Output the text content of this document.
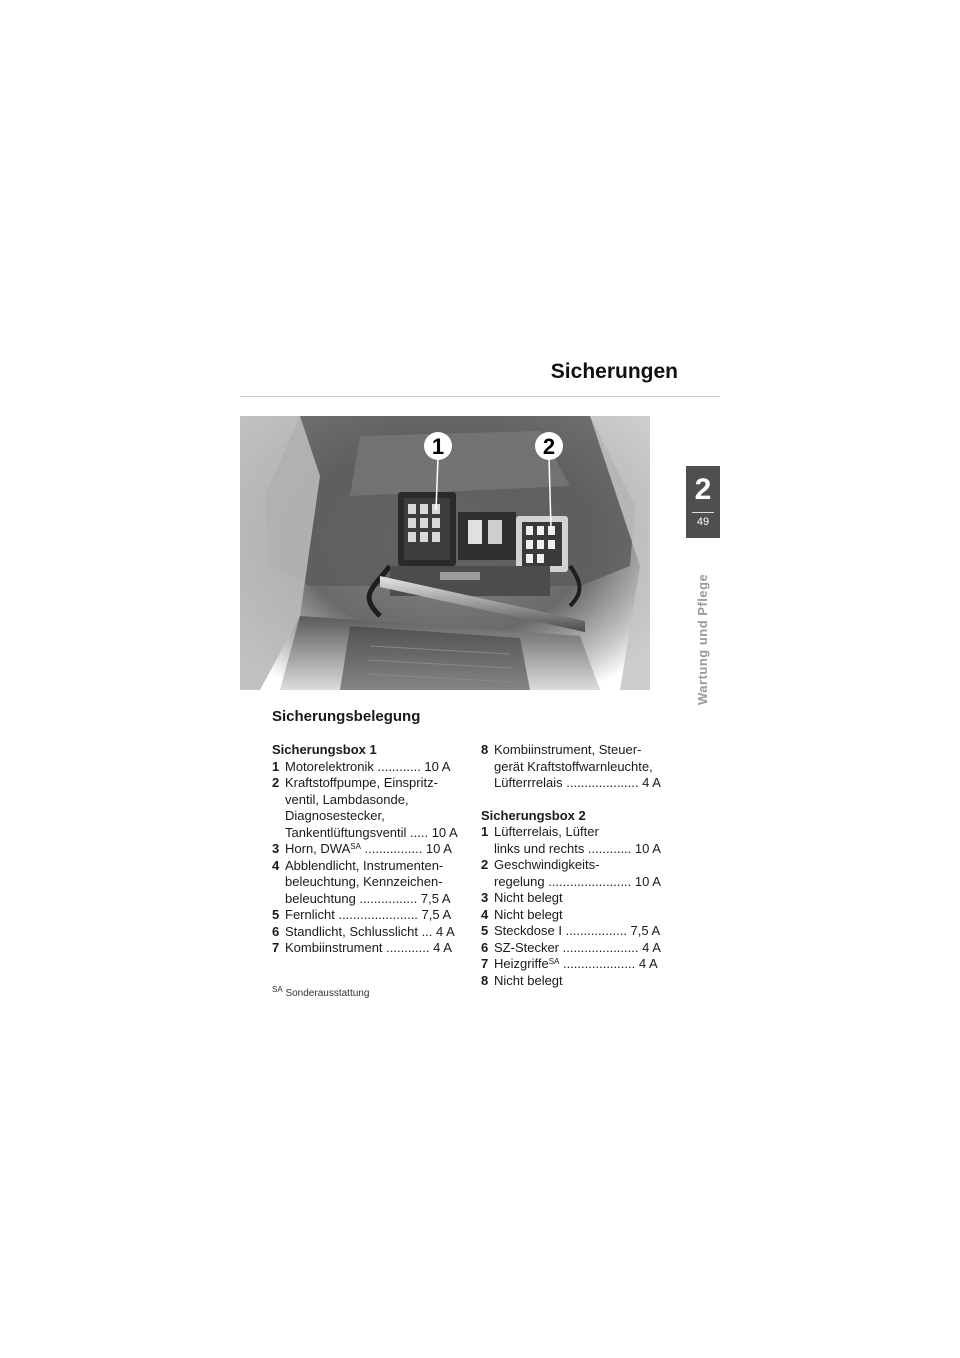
Sicherungen
2
49
Wartung und Pflege
1	2
Sicherungsbelegung
Sicherungsbox 1
1 Motorelektronik ............ 10 A
2 Kraftstoffpumpe, Einspritz-
ventil, Lambdasonde,
Diagnosestecker,
Tankentlüftungsventil ..... 10 A
3 Horn, $DWA^{SA}$ ................ 10 A
4 Abblendlicht, Instrumenten-
beleuchtung, Kennzeichen-
beleuchtung ................ 7,5 A
5 Fernlicht ...................... 7,5 A
6 Standlicht, Schlusslicht ... 4 A
7 Kombiinstrument ............ 4 A
8 Kombiinstrument, Steuer-
gerät Kraftstoffwarnleuchte,
Lüfterrrelais .................... 4 A
Sicherungsbox 2
1 Lüfterrelais, Lüfter
links und rechts ............ 10 A
2 Geschwindigkeits-
regelung ....................... 10 A
3 Nicht belegt
4 Nicht belegt
5 Steckdose I ................. 7,5 A
6 SZ-Stecker ..................... 4 A
7 Heizgriffe$^{SA}$ .................... 4 A
8 Nicht belegt
$^{SA}$ Sonderausstattung
